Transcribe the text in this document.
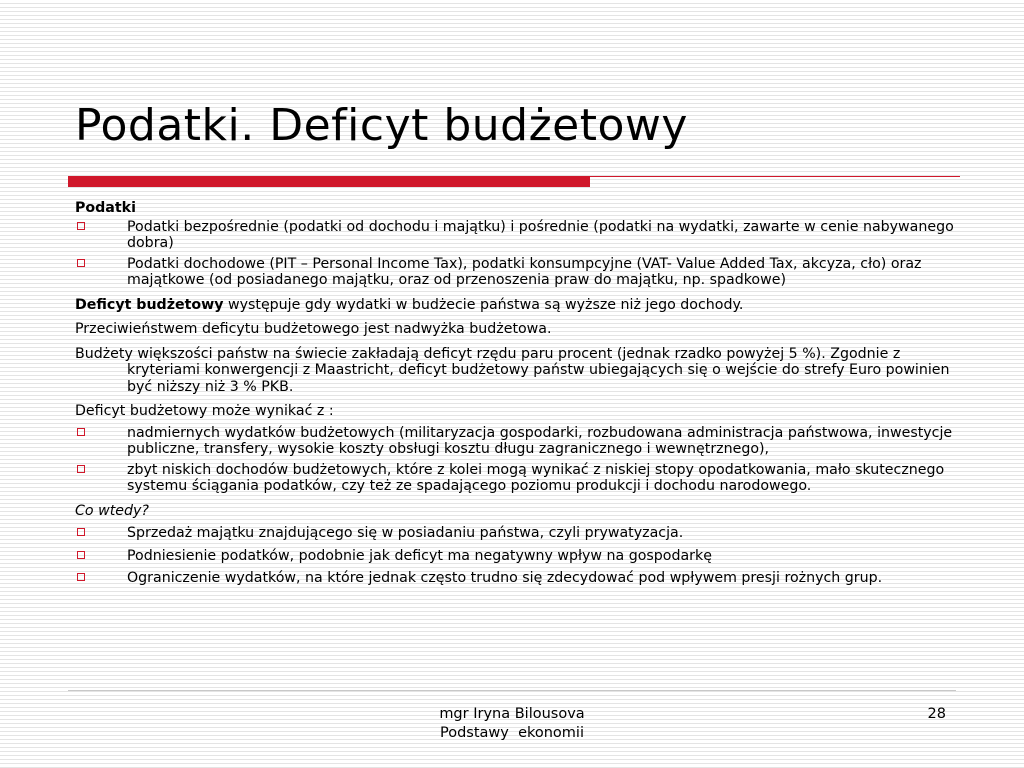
Podatki. Deficyt budżetowy

Podatki

Podatki bezpośrednie (podatki od dochodu i majątku) i pośrednie (podatki na wydatki, zawarte w cenie nabywanego dobra)

Podatki dochodowe (PIT – Personal Income Tax), podatki konsumpcyjne (VAT- Value Added Tax, akcyza, cło) oraz majątkowe (od posiadanego majątku, oraz od przenoszenia praw do majątku, np. spadkowe)

Deficyt budżetowy występuje gdy wydatki w budżecie państwa są wyższe niż jego dochody.

Przeciwieństwem deficytu budżetowego jest nadwyżka budżetowa.

Budżety większości państw na świecie zakładają deficyt rzędu paru procent (jednak rzadko powyżej 5 %). Zgodnie z kryteriami konwergencji z Maastricht, deficyt budżetowy państw ubiegających się o wejście do strefy Euro powinien być niższy niż 3 % PKB.

Deficyt budżetowy może wynikać z :

nadmiernych wydatków budżetowych (militaryzacja gospodarki, rozbudowana administracja państwowa, inwestycje publiczne, transfery, wysokie koszty obsługi kosztu długu zagranicznego i wewnętrznego),

zbyt niskich dochodów budżetowych, które z kolei mogą wynikać z niskiej stopy opodatkowania, mało skutecznego systemu ściągania podatków, czy też ze spadającego poziomu produkcji i dochodu narodowego.

Co wtedy?

Sprzedaż majątku znajdującego się w posiadaniu państwa, czyli prywatyzacja.

Podniesienie podatków, podobnie jak deficyt ma negatywny wpływ na gospodarkę

Ograniczenie wydatków, na które jednak często trudno się zdecydować pod wpływem presji rożnych grup.

mgr Iryna Bilousova
Podstawy  ekonomii
28
